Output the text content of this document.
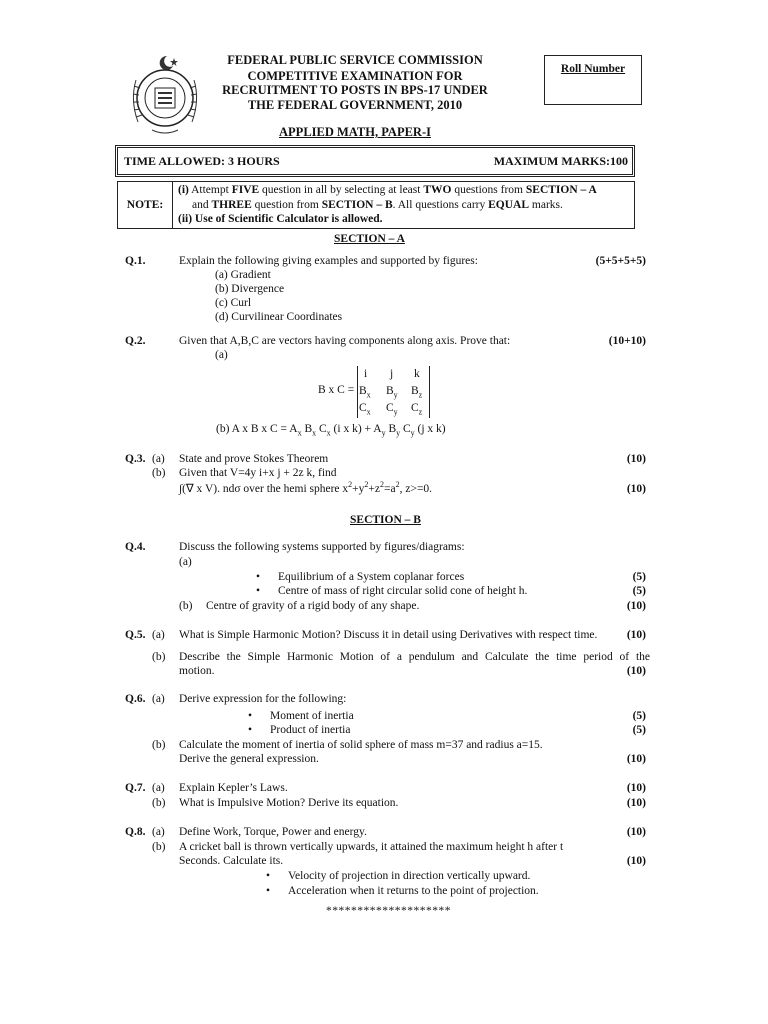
FEDERAL PUBLIC SERVICE COMMISSION
COMPETITIVE EXAMINATION FOR
RECRUITMENT TO POSTS IN BPS-17 UNDER
THE FEDERAL GOVERNMENT, 2010
APPLIED MATH, PAPER-I
Roll Number
TIME ALLOWED: 3 HOURS	MAXIMUM MARKS:100
NOTE:
(i) Attempt FIVE question in all by selecting at least TWO questions from SECTION – A
and THREE question from SECTION – B. All questions carry EQUAL marks.
(ii) Use of Scientific Calculator is allowed.
SECTION – A
Q.1.	Explain the following giving examples and supported by figures:	(5+5+5+5)
(a) Gradient
(b) Divergence
(c) Curl
(d) Curvilinear Coordinates
Q.2.	Given that A,B,C are vectors having components along axis. Prove that:	(10+10)
(a)
B x C =
i j k
$B_x$ $B_y$ $B_z$
$C_x$ $C_y$ $C_z$
(b) A x B x $C = A_x$ $B_x$ $C_x$ (i x $k) + A_y$ $B_y$ $C_y$ (j x k)
Q.3. (a) State and prove Stokes Theorem	(10)
(b) Given that V=4y i+x j + 2z k, find
∫(∇ x V). ndσ over the hemi sphere $x^2+y^2+z^2=a^2$, z>=0.	(10)
SECTION – B
Q.4.	Discuss the following systems supported by figures/diagrams:
(a)
• Equilibrium of a System coplanar forces	(5)
• Centre of mass of right circular solid cone of height h.	(5)
(b) Centre of gravity of a rigid body of any shape.	(10)
Q.5. (a) What is Simple Harmonic Motion? Discuss it in detail using Derivatives with respect time.	(10)
(b) Describe the Simple Harmonic Motion of a pendulum and Calculate the time period of the
motion.	(10)
Q.6. (a) Derive expression for the following:
• Moment of inertia	(5)
• Product of inertia	(5)
(b) Calculate the moment of inertia of solid sphere of mass m=37 and radius a=15.
Derive the general expression.	(10)
Q.7. (a) Explain Kepler’s Laws.	(10)
(b) What is Impulsive Motion? Derive its equation.	(10)
Q.8. (a) Define Work, Torque, Power and energy.	(10)
(b) A cricket ball is thrown vertically upwards, it attained the maximum height h after t
Seconds. Calculate its.	(10)
• Velocity of projection in direction vertically upward.
• Acceleration when it returns to the point of projection.
********************
